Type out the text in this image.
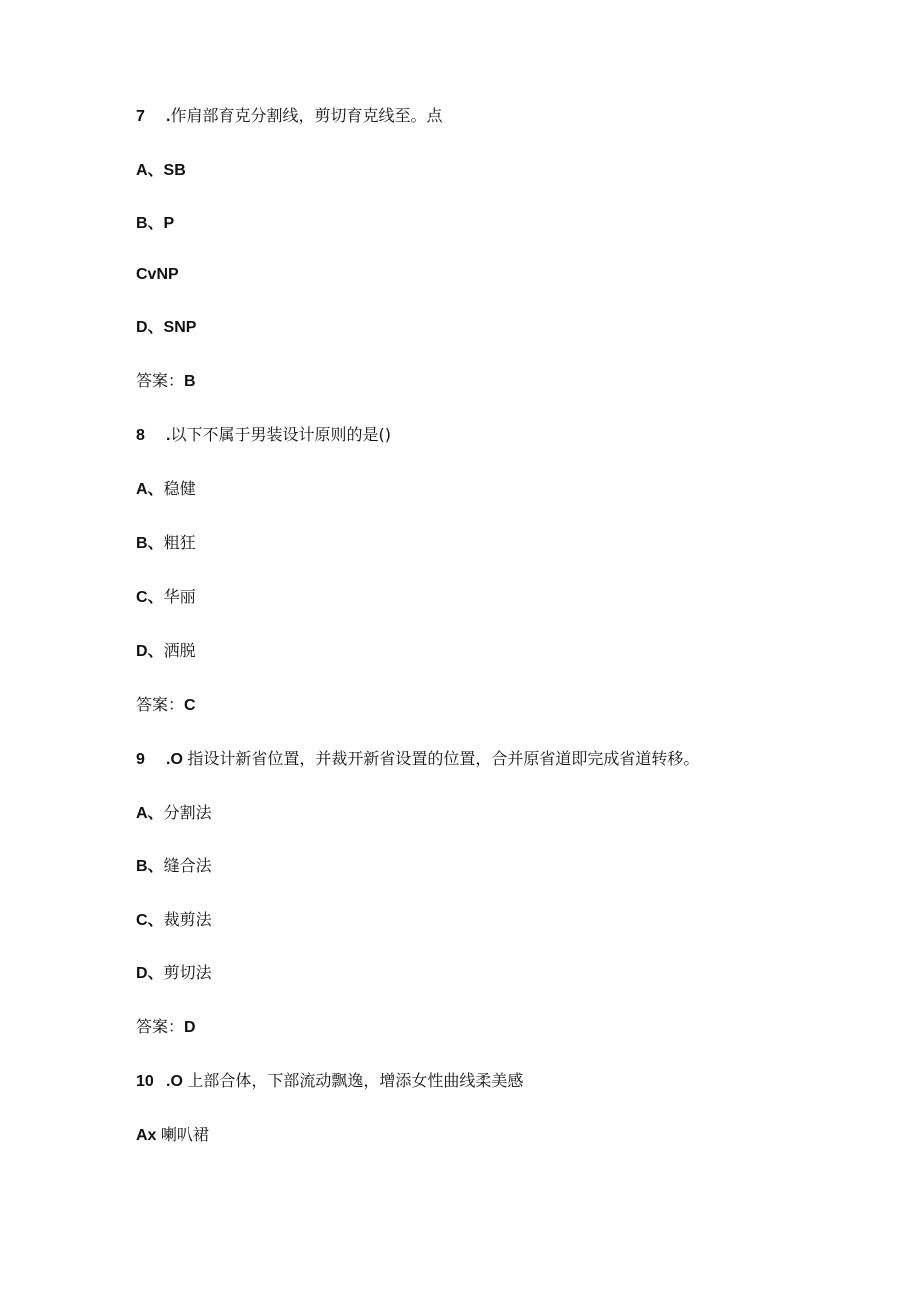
7 .作肩部育克分割线，剪切育克线至。点
A、SB
B、P
CvNP
D、SNP
答案：B
8 .以下不属于男装设计原则的是()
A、稳健
B、粗狂
C、华丽
D、洒脱
答案：C
9 .O 指设计新省位置，并裁开新省设置的位置，合并原省道即完成省道转移。
A、分割法
B、缝合法
C、裁剪法
D、剪切法
答案：D
10 .O 上部合体，下部流动飘逸，增添女性曲线柔美感
Ax 喇叭裙
